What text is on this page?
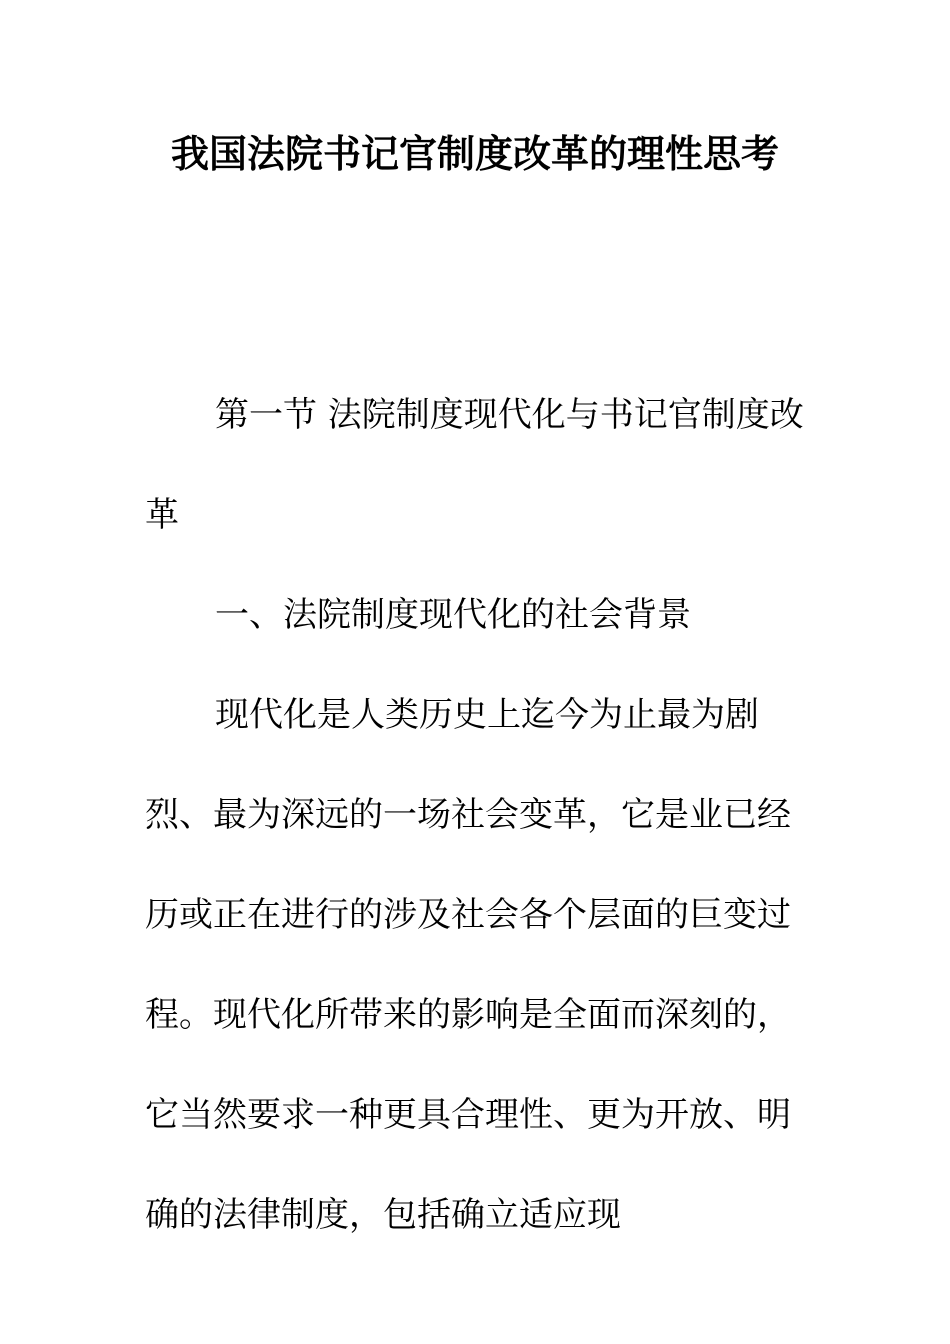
我国法院书记官制度改革的理性思考

第一节 法院制度现代化与书记官制度改革

一、法院制度现代化的社会背景

现代化是人类历史上迄今为止最为剧烈、最为深远的一场社会变革，它是业已经历或正在进行的涉及社会各个层面的巨变过程。现代化所带来的影响是全面而深刻的，它当然要求一种更具合理性、更为开放、明确的法律制度，包括确立适应现
